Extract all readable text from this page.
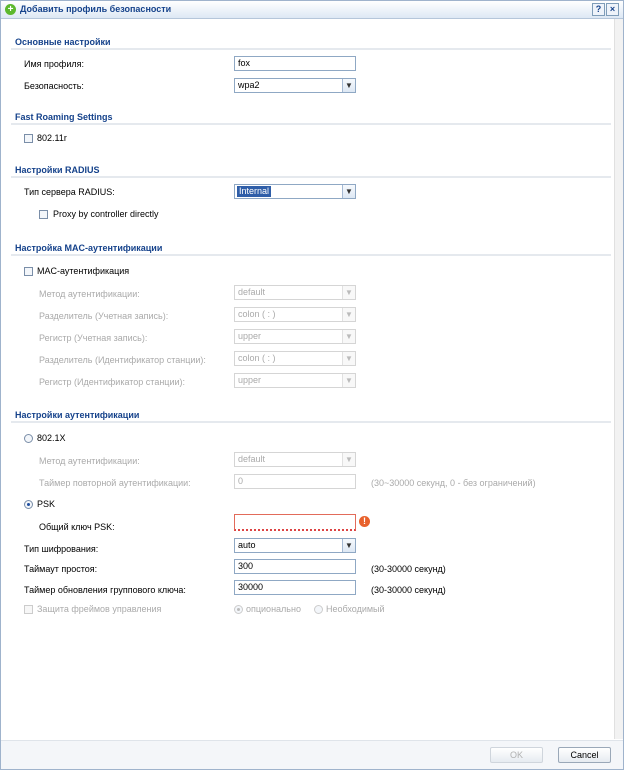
+ Добавить профиль безопасности	? ×
Основные настройки
Имя профиля:	fox
Безопасность:	wpa2	▼
Fast Roaming Settings
802.11r
Настройки RADIUS
Тип сервера RADIUS:	Internal	▼
Proxy by controller directly
Настройка MAC-аутентификации
MAC-аутентификация
Метод аутентификации:	default	▼
Разделитель (Учетная запись):	colon ( : )	▼
Регистр (Учетная запись):	upper	▼
Разделитель (Идентификатор станции):	colon ( : )	▼
Регистр (Идентификатор станции):	upper	▼
Настройки аутентификации
802.1X
Метод аутентификации:	default	▼
Таймер повторной аутентификации:	0	(30~30000 секунд, 0 - без ограничений)
PSK
Общий ключ PSK:
!
Тип шифрования:	auto	▼
Таймаут простоя:	300	(30-30000 секунд)
Таймер обновления группового ключа:	30000	(30-30000 секунд)
Защита фреймов управления	опционально	Необходимый
OK	Cancel
